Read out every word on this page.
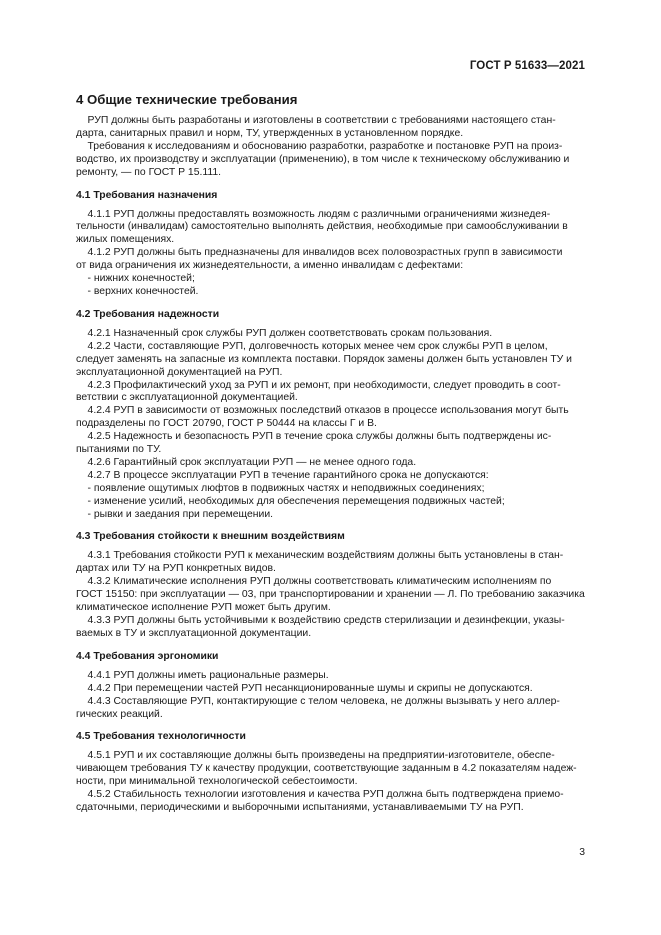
ГОСТ Р 51633—2021
4 Общие технические требования
РУП должны быть разработаны и изготовлены в соответствии с требованиями настоящего стан-
дарта, санитарных правил и норм, ТУ, утвержденных в установленном порядке.
Требования к исследованиям и обоснованию разработки, разработке и постановке РУП на произ-
водство, их производству и эксплуатации (применению), в том числе к техническому обслуживанию и
ремонту, — по ГОСТ Р 15.111.
4.1 Требования назначения
4.1.1 РУП должны предоставлять возможность людям с различными ограничениями жизнедея-
тельности (инвалидам) самостоятельно выполнять действия, необходимые при самообслуживании в
жилых помещениях.
4.1.2 РУП должны быть предназначены для инвалидов всех половозрастных групп в зависимости
от вида ограничения их жизнедеятельности, а именно инвалидам с дефектами:
- нижних конечностей;
- верхних конечностей.
4.2 Требования надежности
4.2.1 Назначенный срок службы РУП должен соответствовать срокам пользования.
4.2.2 Части, составляющие РУП, долговечность которых менее чем срок службы РУП в целом,
следует заменять на запасные из комплекта поставки. Порядок замены должен быть установлен ТУ и
эксплуатационной документацией на РУП.
4.2.3 Профилактический уход за РУП и их ремонт, при необходимости, следует проводить в соот-
ветствии с эксплуатационной документацией.
4.2.4 РУП в зависимости от возможных последствий отказов в процессе использования могут быть
подразделены по ГОСТ 20790, ГОСТ Р 50444 на классы Г и В.
4.2.5 Надежность и безопасность РУП в течение срока службы должны быть подтверждены ис-
пытаниями по ТУ.
4.2.6 Гарантийный срок эксплуатации РУП — не менее одного года.
4.2.7 В процессе эксплуатации РУП в течение гарантийного срока не допускаются:
- появление ощутимых люфтов в подвижных частях и неподвижных соединениях;
- изменение усилий, необходимых для обеспечения перемещения подвижных частей;
- рывки и заедания при перемещении.
4.3 Требования стойкости к внешним воздействиям
4.3.1 Требования стойкости РУП к механическим воздействиям должны быть установлены в стан-
дартах или ТУ на РУП конкретных видов.
4.3.2 Климатические исполнения РУП должны соответствовать климатическим исполнениям по
ГОСТ 15150: при эксплуатации — 03, при транспортировании и хранении — Л. По требованию заказчика
климатическое исполнение РУП может быть другим.
4.3.3 РУП должны быть устойчивыми к воздействию средств стерилизации и дезинфекции, указы-
ваемых в ТУ и эксплуатационной документации.
4.4 Требования эргономики
4.4.1 РУП должны иметь рациональные размеры.
4.4.2 При перемещении частей РУП несанкционированные шумы и скрипы не допускаются.
4.4.3 Составляющие РУП, контактирующие с телом человека, не должны вызывать у него аллер-
гических реакций.
4.5 Требования технологичности
4.5.1 РУП и их составляющие должны быть произведены на предприятии-изготовителе, обеспе-
чивающем требования ТУ к качеству продукции, соответствующие заданным в 4.2 показателям надеж-
ности, при минимальной технологической себестоимости.
4.5.2 Стабильность технологии изготовления и качества РУП должна быть подтверждена приемо-
сдаточными, периодическими и выборочными испытаниями, устанавливаемыми ТУ на РУП.
3
